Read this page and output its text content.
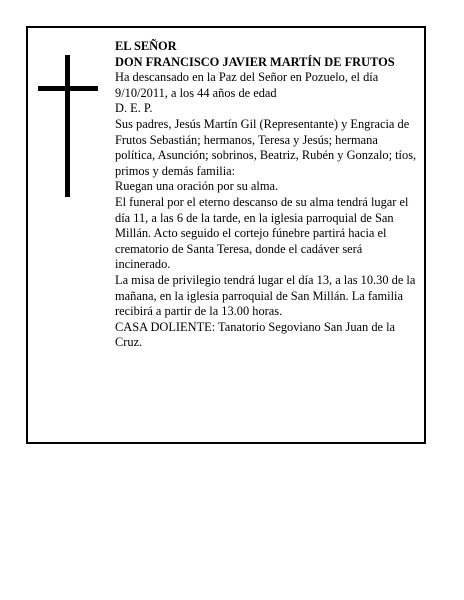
EL SEÑOR

DON FRANCISCO JAVIER MARTÍN DE FRUTOS

Ha descansado en la Paz del Señor en Pozuelo, el día 9/10/2011, a los 44 años de edad

D. E. P.

Sus padres, Jesús Martín Gil (Representante) y Engracia de Frutos Sebastián; hermanos, Teresa y Jesús; hermana política, Asunción; sobrinos, Beatriz, Rubén y Gonzalo; tíos, primos y demás familia:

Ruegan una oración por su alma.

El funeral por el eterno descanso de su alma tendrá lugar el día 11, a las 6 de la tarde, en la iglesia parroquial de San Millán. Acto seguido el cortejo fúnebre partirá hacia el crematorio de Santa Teresa, donde el cadáver será incinerado.

La misa de privilegio tendrá lugar el día 13, a las 10.30 de la mañana, en la iglesia parroquial de San Millán. La familia recibirá a partir de la 13.00 horas.

CASA DOLIENTE: Tanatorio Segoviano San Juan de la Cruz.
